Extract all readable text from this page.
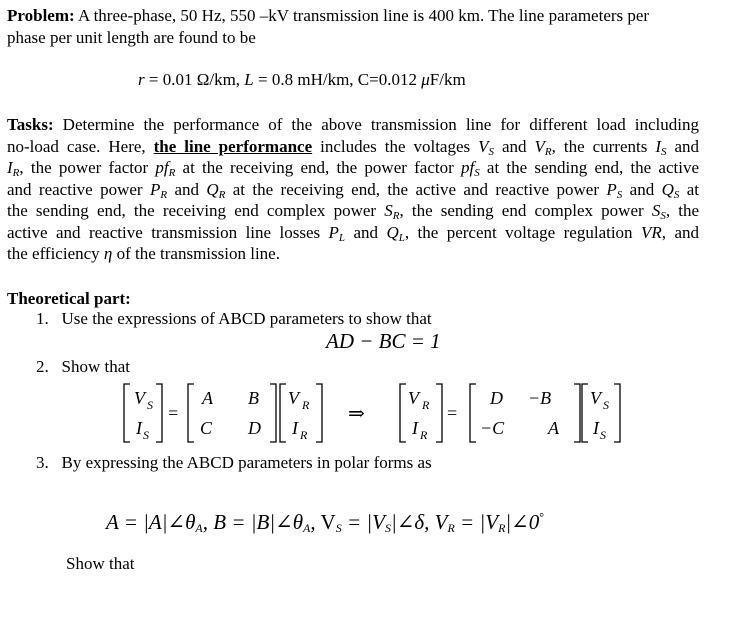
Problem: A three-phase, 50 Hz, 550 –kV transmission line is 400 km. The line parameters per
phase per unit length are found to be
r = 0.01 Ω/km, L = 0.8 mH/km, C=0.012 μF/km
Tasks: Determine the performance of the above transmission line for different load including
no-load case. Here, the line performance includes the voltages $V_S$ and $V_R$, the currents $I_S$ and
$I_R$, the power factor $pf_R$ at the receiving end, the power factor $pf_S$ at the sending end, the active
and reactive power $P_R$ and $Q_R$ at the receiving end, the active and reactive power $P_S$ and $Q_S$ at
the sending end, the receiving end complex power $S_R$, the sending end complex power $S_S$, the
active and reactive transmission line losses $P_L$ and $Q_L$, the percent voltage regulation VR, and
the efficiency η of the transmission line.
Theoretical part:
1. Use the expressions of ABCD parameters to show that
AD − BC = 1
2. Show that
V S
I S
=
A B
C D
V R
I R
⇒
V R
I R
=
D −B
−C A
V S
I S
3. By expressing the ABCD parameters in polar forms as
$A = |A|\angle\theta_A$, $B = |B|\angle\theta_A$, $V_S$ = $|V_S|\angle\delta$, $V_R$ = $|V_R|\angle 0^\circ$
Show that
